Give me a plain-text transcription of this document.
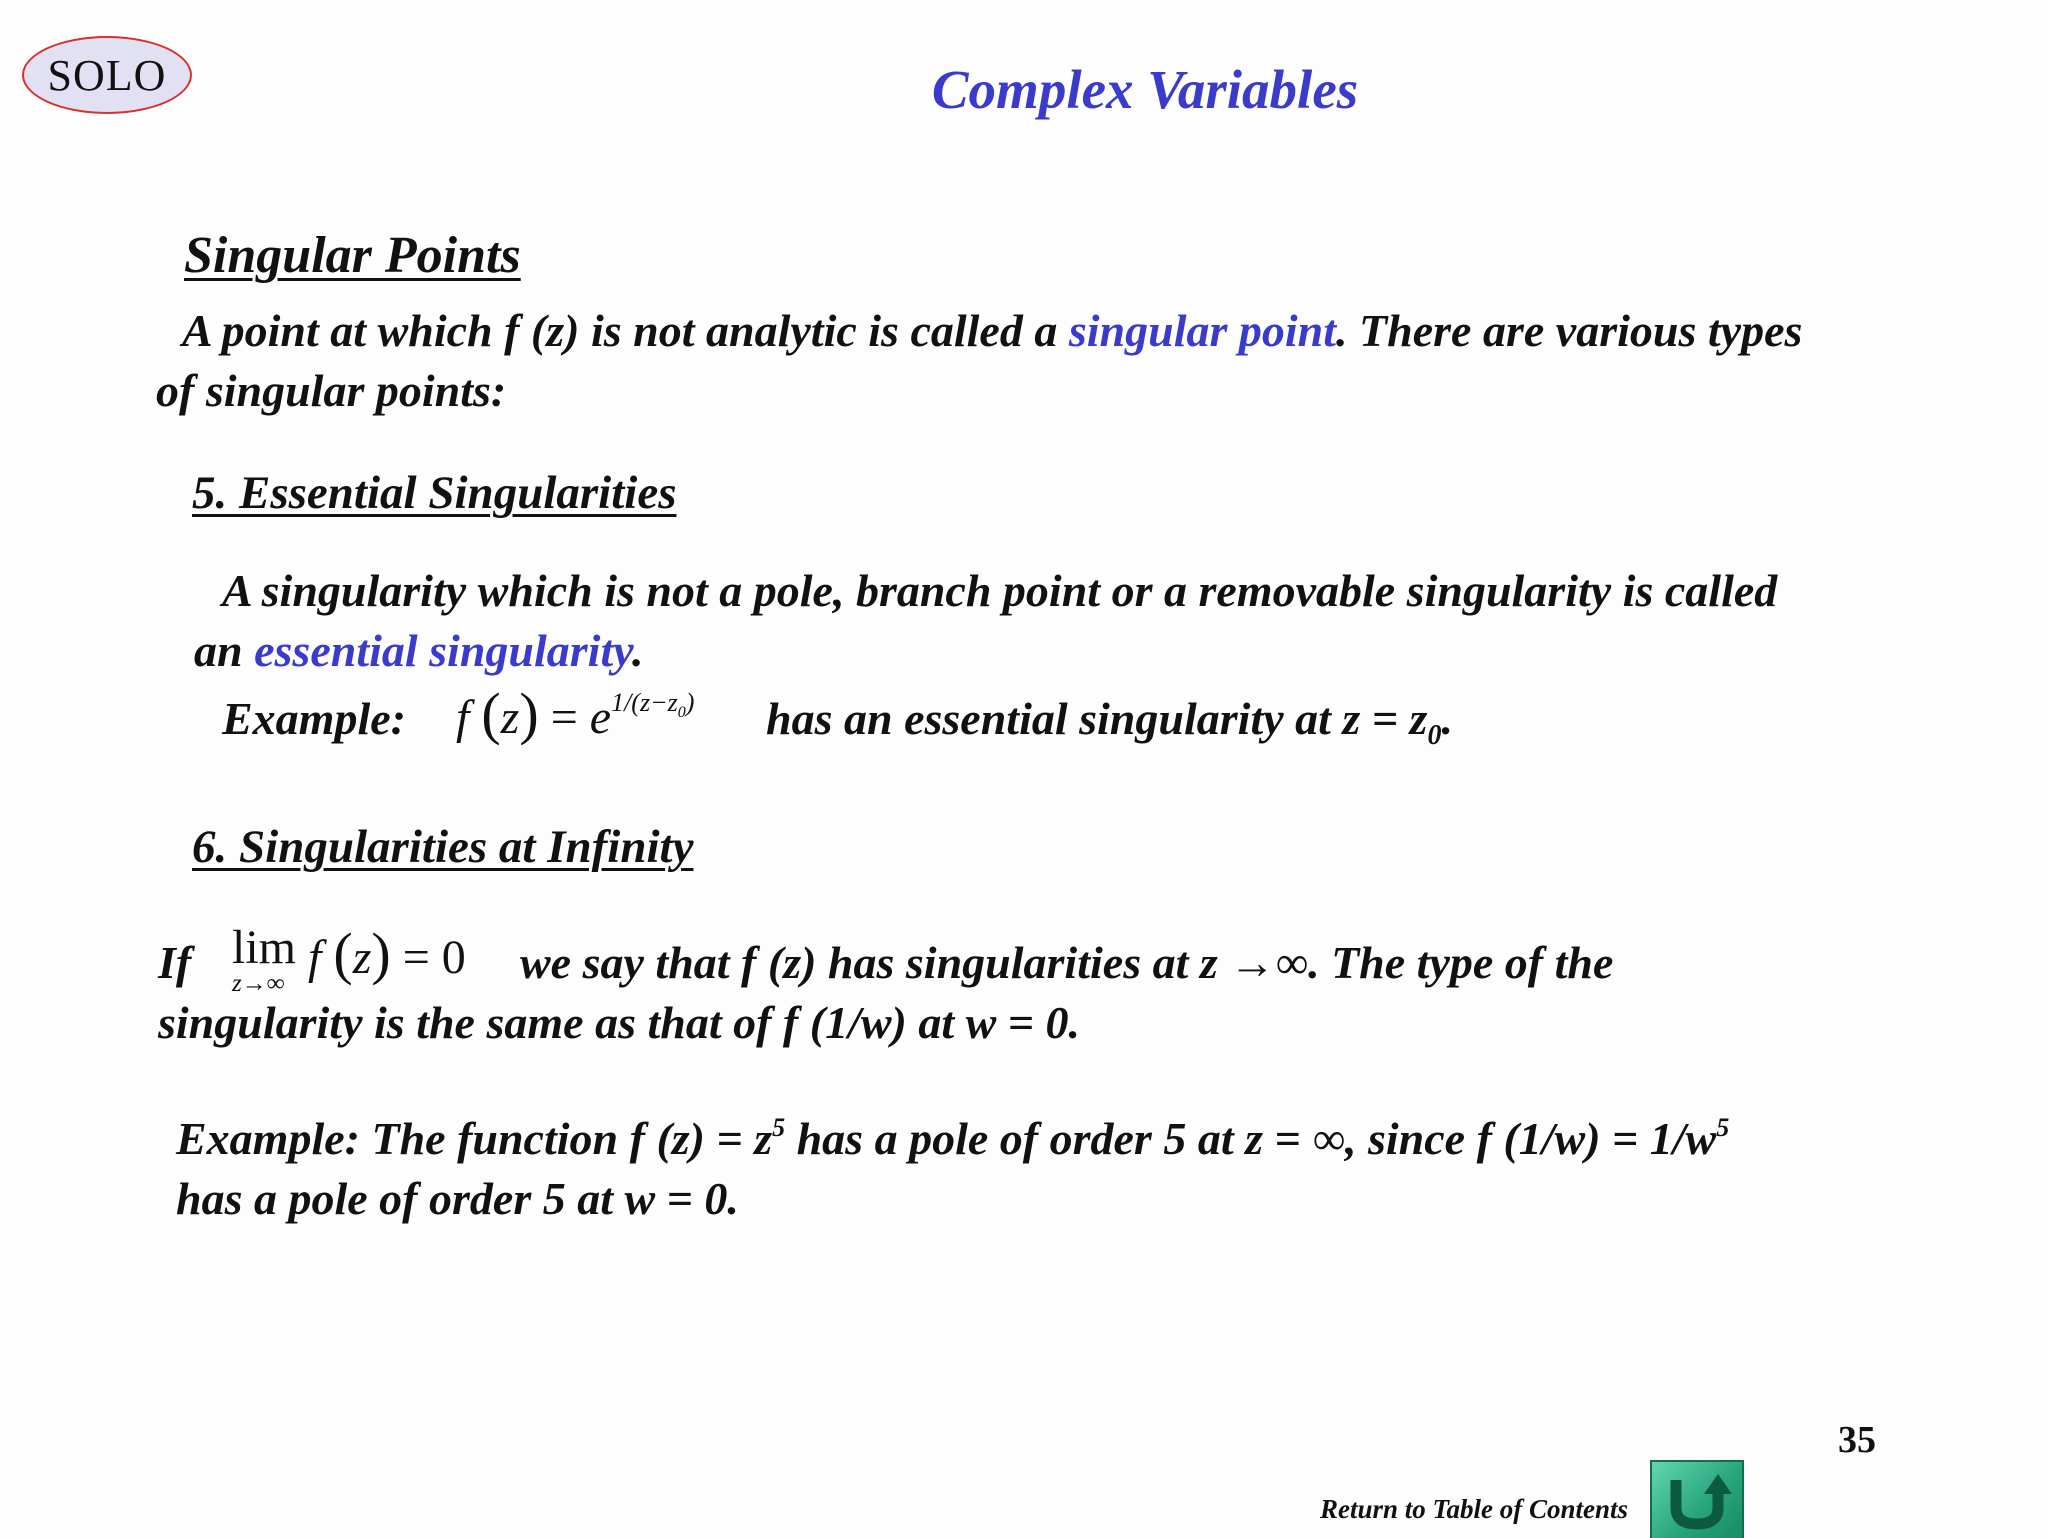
SOLO	Complex Variables
Singular Points
A point at which f (z) is not analytic is called a singular point. There are various types
of singular points:
5. Essential Singularities
A singularity which is not a pole, branch point or a removable singularity is called
an essential singularity.
Example: f $(z) = e^{1/(z-z_0)}$ has an essential singularity at $z = z_0$.
6. Singularities at Infinity
If lim
z→∞ f (z) = 0 we say that f (z) has singularities at z →∞. The type of the
singularity is the same as that of f (1/w) at w = 0.
Example: The function f $(z) = z^5$ has a pole of order 5 at z = ∞, since f $(1/w) = 1/w^5$
has a pole of order 5 at w = 0.
35
Return to Table of Contents
